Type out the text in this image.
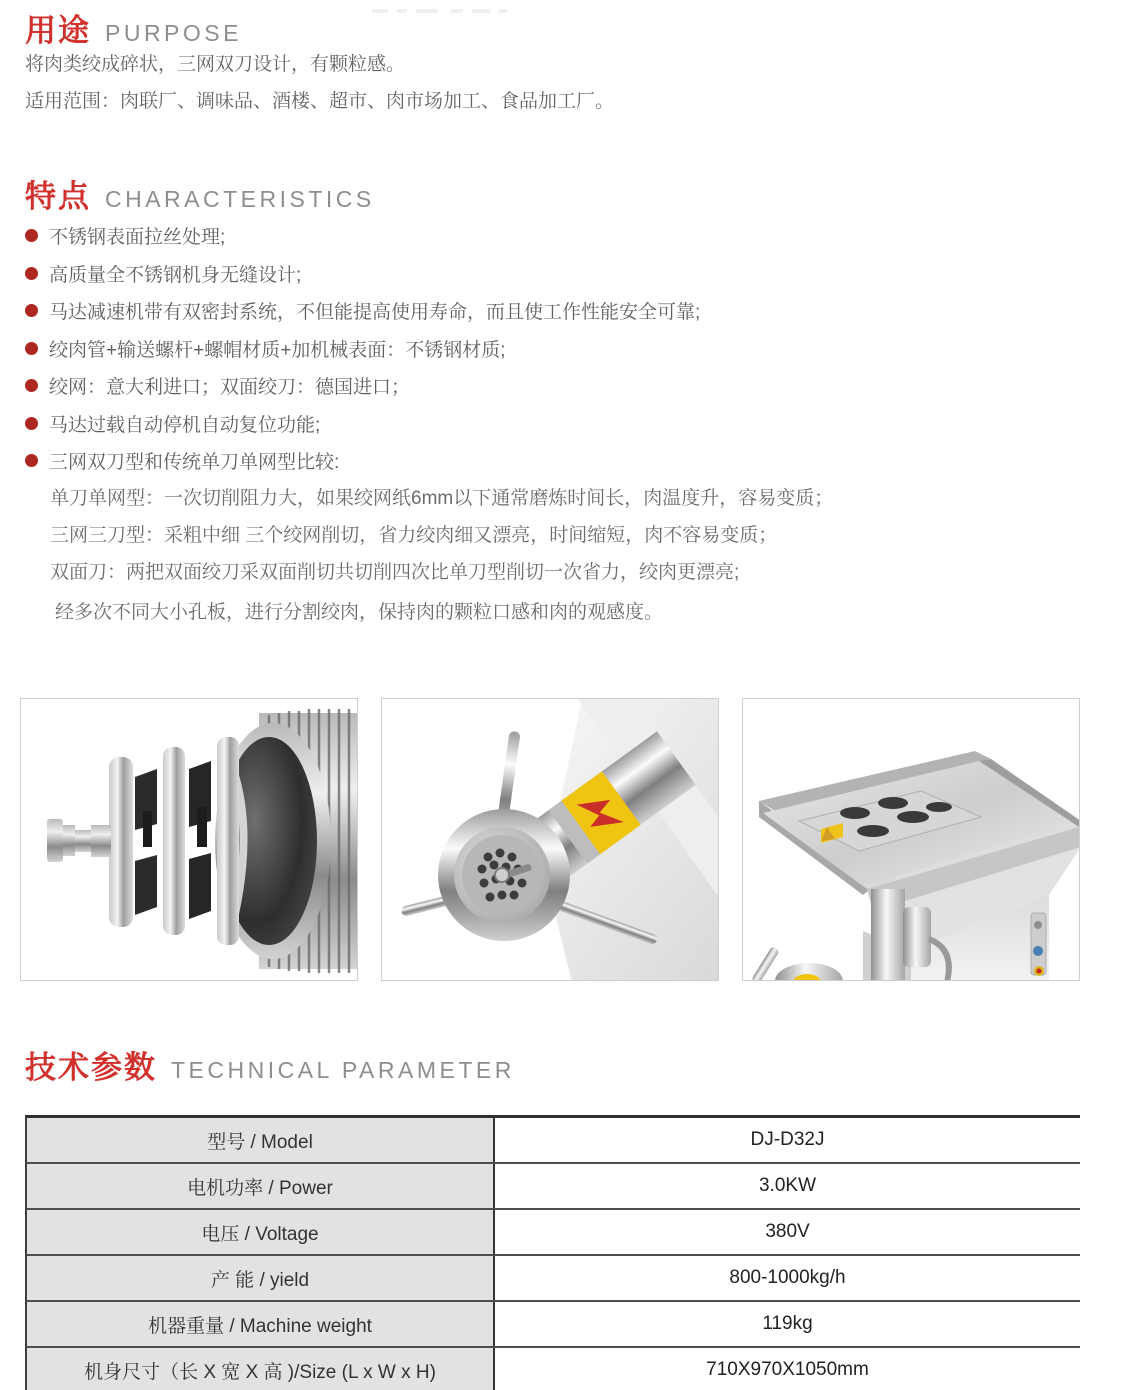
用途 PURPOSE
将肉类绞成碎状，三网双刀设计，有颗粒感。
适用范围：肉联厂、调味品、酒楼、超市、肉市场加工、食品加工厂。
特点 CHARACTERISTICS
不锈钢表面拉丝处理;
高质量全不锈钢机身无缝设计;
马达减速机带有双密封系统，不但能提高使用寿命，而且使工作性能安全可靠;
绞肉管+输送螺杆+螺帽材质+加机械表面：不锈钢材质;
绞网：意大利进口；双面绞刀：德国进口；
马达过载自动停机自动复位功能;
三网双刀型和传统单刀单网型比较:
单刀单网型：一次切削阻力大，如果绞网纸6mm以下通常磨炼时间长，肉温度升，容易变质；
三网三刀型：采粗中细 三个绞网削切，省力绞肉细又漂亮，时间缩短，肉不容易变质；
双面刀：两把双面绞刀采双面削切共切削四次比单刀型削切一次省力，绞肉更漂亮;
经多次不同大小孔板，进行分割绞肉，保持肉的颗粒口感和肉的观感度。
技术参数 TECHNICAL PARAMETER
型号 / Model	DJ-D32J
电机功率 / Power	3.0KW
电压 / Voltage	380V
产 能 / yield	800-1000kg/h
机器重量 / Machine weight	119kg
机身尺寸（长 X 宽 X 高 )/Size (L x W x H)	710X970X1050mm
